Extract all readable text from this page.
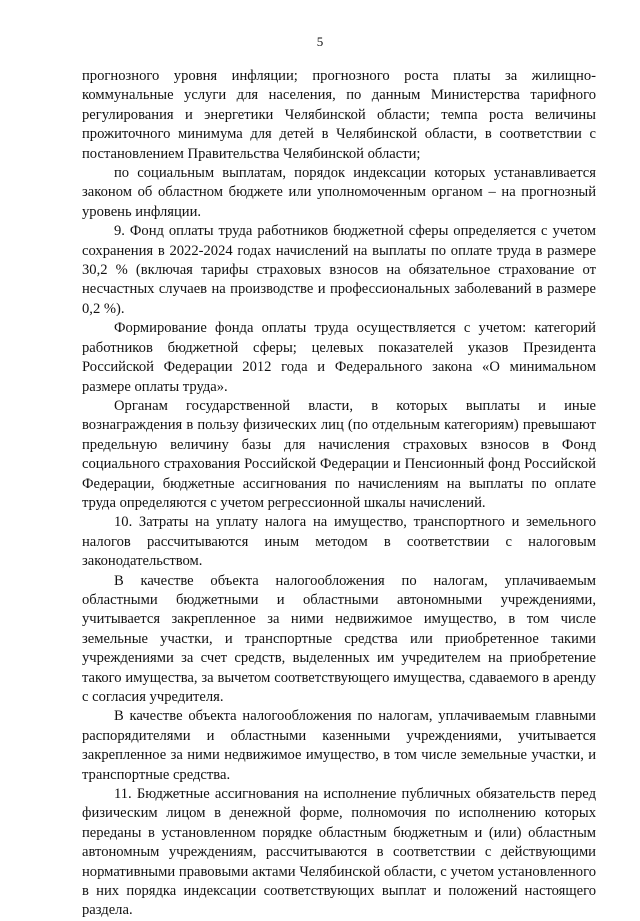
5

прогнозного уровня инфляции; прогнозного роста платы за жилищно-коммунальные услуги для населения, по данным Министерства тарифного регулирования и энергетики Челябинской области; темпа роста величины прожиточного минимума для детей в Челябинской области, в соответствии с постановлением Правительства Челябинской области;

по социальным выплатам, порядок индексации которых устанавливается законом об областном бюджете или уполномоченным органом – на прогнозный уровень инфляции.

9. Фонд оплаты труда работников бюджетной сферы определяется с учетом сохранения в 2022-2024 годах начислений на выплаты по оплате труда в размере 30,2 % (включая тарифы страховых взносов на обязательное страхование от несчастных случаев на производстве и профессиональных заболеваний в размере 0,2 %).

Формирование фонда оплаты труда осуществляется с учетом: категорий работников бюджетной сферы; целевых показателей указов Президента Российской Федерации 2012 года и Федерального закона «О минимальном размере оплаты труда».

Органам государственной власти, в которых выплаты и иные вознаграждения в пользу физических лиц (по отдельным категориям) превышают предельную величину базы для начисления страховых взносов в Фонд социального страхования Российской Федерации и Пенсионный фонд Российской Федерации, бюджетные ассигнования по начислениям на выплаты по оплате труда определяются с учетом регрессионной шкалы начислений.

10. Затраты на уплату налога на имущество, транспортного и земельного налогов рассчитываются иным методом в соответствии с налоговым законодательством.

В качестве объекта налогообложения по налогам, уплачиваемым областными бюджетными и областными автономными учреждениями, учитывается закрепленное за ними недвижимое имущество, в том числе земельные участки, и транспортные средства или приобретенное такими учреждениями за счет средств, выделенных им учредителем на приобретение такого имущества, за вычетом соответствующего имущества, сдаваемого в аренду с согласия учредителя.

В качестве объекта налогообложения по налогам, уплачиваемым главными распорядителями и областными казенными учреждениями, учитывается закрепленное за ними недвижимое имущество, в том числе земельные участки, и транспортные средства.

11. Бюджетные ассигнования на исполнение публичных обязательств перед физическим лицом в денежной форме, полномочия по исполнению которых переданы в установленном порядке областным бюджетным и (или) областным автономным учреждениям, рассчитываются в соответствии с действующими нормативными правовыми актами Челябинской области, с учетом установленного в них порядка индексации соответствующих выплат и положений настоящего раздела.
